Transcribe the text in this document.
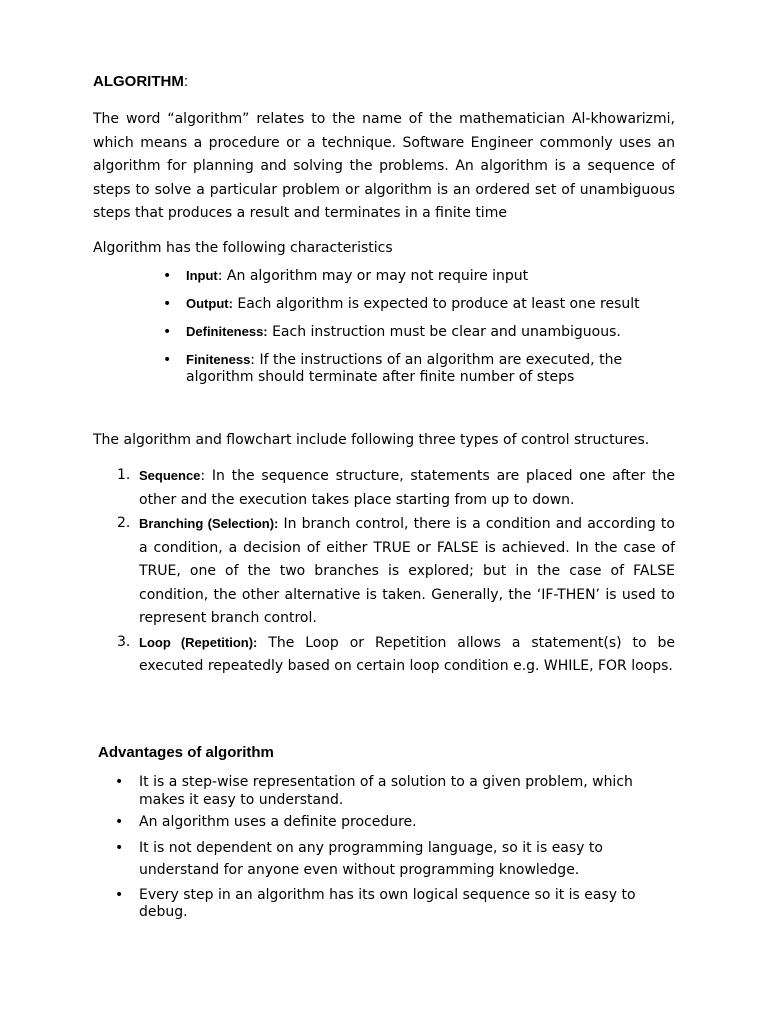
ALGORITHM:

The word “algorithm” relates to the name of the mathematician Al-khowarizmi, which means a procedure or a technique. Software Engineer commonly uses an algorithm for planning and solving the problems. An algorithm is a sequence of steps to solve a particular problem or algorithm is an ordered set of unambiguous steps that produces a result and terminates in a finite time

Algorithm has the following characteristics

• Input: An algorithm may or may not require input
• Output: Each algorithm is expected to produce at least one result
• Definiteness: Each instruction must be clear and unambiguous.
• Finiteness: If the instructions of an algorithm are executed, the algorithm should terminate after finite number of steps

The algorithm and flowchart include following three types of control structures.

1. Sequence: In the sequence structure, statements are placed one after the other and the execution takes place starting from up to down.
2. Branching (Selection): In branch control, there is a condition and according to a condition, a decision of either TRUE or FALSE is achieved. In the case of TRUE, one of the two branches is explored; but in the case of FALSE condition, the other alternative is taken. Generally, the ‘IF-THEN’ is used to represent branch control.
3. Loop (Repetition): The Loop or Repetition allows a statement(s) to be executed repeatedly based on certain loop condition e.g. WHILE, FOR loops.
Advantages of algorithm
• It is a step-wise representation of a solution to a given problem, which makes it easy to understand.
• An algorithm uses a definite procedure.
• It is not dependent on any programming language, so it is easy to understand for anyone even without programming knowledge.
• Every step in an algorithm has its own logical sequence so it is easy to debug.
